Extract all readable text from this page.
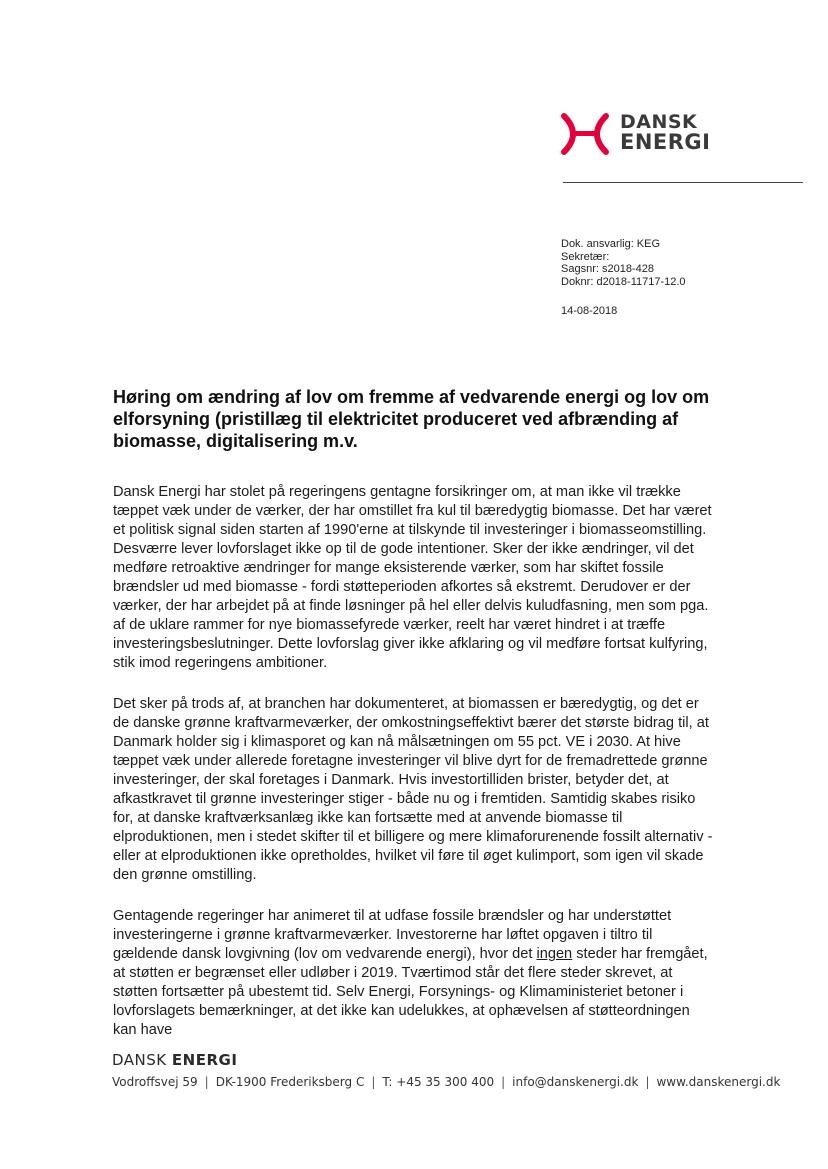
DANSK
ENERGI
Dok. ansvarlig: KEG
Sekretær:
Sagsnr: s2018-428
Doknr: d2018-11717-12.0
14-08-2018
Høring om ændring af lov om fremme af vedvarende energi og lov om elforsyning (pristillæg til elektricitet produceret ved afbrænding af biomasse, digitalisering m.v.

Dansk Energi har stolet på regeringens gentagne forsikringer om, at man ikke vil trække tæppet væk under de værker, der har omstillet fra kul til bæredygtig biomasse. Det har været et politisk signal siden starten af 1990'erne at tilskynde til investeringer i biomasseomstilling. Desværre lever lovforslaget ikke op til de gode intentioner. Sker der ikke ændringer, vil det medføre retroaktive ændringer for mange eksisterende værker, som har skiftet fossile brændsler ud med biomasse - fordi støtteperioden afkortes så ekstremt. Derudover er der værker, der har arbejdet på at finde løsninger på hel eller delvis kuludfasning, men som pga. af de uklare rammer for nye biomassefyrede værker, reelt har været hindret i at træffe investeringsbeslutninger. Dette lovforslag giver ikke afklaring og vil medføre fortsat kulfyring, stik imod regeringens ambitioner.

Det sker på trods af, at branchen har dokumenteret, at biomassen er bæredygtig, og det er de danske grønne kraftvarmeværker, der omkostningseffektivt bærer det største bidrag til, at Danmark holder sig i klimasporet og kan nå målsætningen om 55 pct. VE i 2030. At hive tæppet væk under allerede foretagne investeringer vil blive dyrt for de fremadrettede grønne investeringer, der skal foretages i Danmark. Hvis investortilliden brister, betyder det, at afkastkravet til grønne investeringer stiger - både nu og i fremtiden. Samtidig skabes risiko for, at danske kraftværksanlæg ikke kan fortsætte med at anvende biomasse til elproduktionen, men i stedet skifter til et billigere og mere klimaforurenende fossilt alternativ - eller at elproduktionen ikke opretholdes, hvilket vil føre til øget kulimport, som igen vil skade den grønne omstilling.

Gentagende regeringer har animeret til at udfase fossile brændsler og har understøttet investeringerne i grønne kraftvarmeværker. Investorerne har løftet opgaven i tiltro til gældende dansk lovgivning (lov om vedvarende energi), hvor det ingen steder har fremgået, at støtten er begrænset eller udløber i 2019. Tværtimod står det flere steder skrevet, at støtten fortsætter på ubestemt tid. Selv Energi, Forsynings- og Klimaministeriet betoner i lovforslagets bemærkninger, at det ikke kan udelukkes, at ophævelsen af støtteordningen kan have

DANSK ENERGI
Vodroffsvej 59 | DK-1900 Frederiksberg C | T: +45 35 300 400 | info@danskenergi.dk | www.danskenergi.dk
